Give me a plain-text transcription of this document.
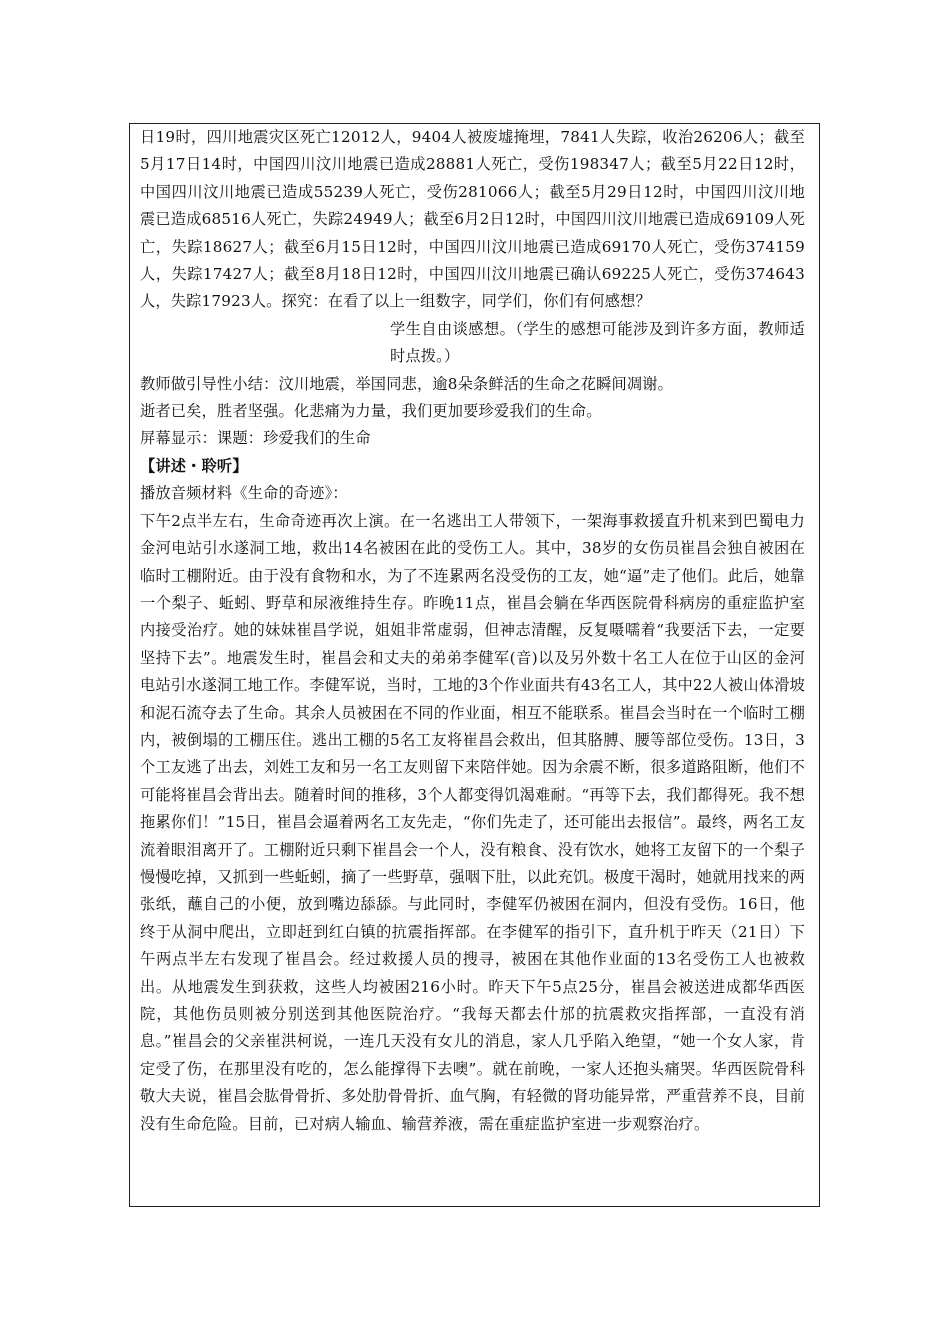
日19时，四川地震灾区死亡12012人，9404人被废墟掩埋，7841人失踪，收治26206人；截至5月17日14时，中国四川汶川地震已造成28881人死亡，受伤198347人；截至5月22日12时，中国四川汶川地震已造成55239人死亡，受伤281066人；截至5月29日12时，中国四川汶川地震已造成68516人死亡，失踪24949人；截至6月2日12时，中国四川汶川地震已造成69109人死亡，失踪18627人；截至6月15日12时，中国四川汶川地震已造成69170人死亡，受伤374159人，失踪17427人；截至8月18日12时，中国四川汶川地震已确认69225人死亡，受伤374643人，失踪17923人。探究：在看了以上一组数字，同学们，你们有何感想？

学生自由谈感想。（学生的感想可能涉及到许多方面，教师适时点拨。）

教师做引导性小结：汶川地震，举国同悲，逾8朵条鲜活的生命之花瞬间凋谢。

逝者已矣，胜者坚强。化悲痛为力量，我们更加要珍爱我们的生命。

屏幕显示：课题：珍爱我们的生命

【讲述・聆听】

播放音频材料《生命的奇迹》：

下午2点半左右，生命奇迹再次上演。在一名逃出工人带领下，一架海事救援直升机来到巴蜀电力金河电站引水遂洞工地，救出14名被困在此的受伤工人。其中，38岁的女伤员崔昌会独自被困在临时工棚附近。由于没有食物和水，为了不连累两名没受伤的工友，她“逼”走了他们。此后，她靠一个梨子、蚯蚓、野草和尿液维持生存。昨晚11点，崔昌会躺在华西医院骨科病房的重症监护室内接受治疗。她的妹妹崔昌学说，姐姐非常虚弱，但神志清醒，反复嗫嚅着“我要活下去，一定要坚持下去”。地震发生时，崔昌会和丈夫的弟弟李健军(音)以及另外数十名工人在位于山区的金河电站引水遂洞工地工作。李健军说，当时，工地的3个作业面共有43名工人，其中22人被山体滑坡和泥石流夺去了生命。其余人员被困在不同的作业面，相互不能联系。崔昌会当时在一个临时工棚内，被倒塌的工棚压住。逃出工棚的5名工友将崔昌会救出，但其胳膊、腰等部位受伤。13日，3个工友逃了出去，刘姓工友和另一名工友则留下来陪伴她。因为余震不断，很多道路阻断，他们不可能将崔昌会背出去。随着时间的推移，3个人都变得饥渴难耐。“再等下去，我们都得死。我不想拖累你们！”15日，崔昌会逼着两名工友先走，“你们先走了，还可能出去报信”。最终，两名工友流着眼泪离开了。工棚附近只剩下崔昌会一个人，没有粮食、没有饮水，她将工友留下的一个梨子慢慢吃掉，又抓到一些蚯蚓，摘了一些野草，强咽下肚，以此充饥。极度干渴时，她就用找来的两张纸，蘸自己的小便，放到嘴边舔舔。与此同时，李健军仍被困在洞内，但没有受伤。16日，他终于从洞中爬出，立即赶到红白镇的抗震指挥部。在李健军的指引下，直升机于昨天（21日）下午两点半左右发现了崔昌会。经过救援人员的搜寻，被困在其他作业面的13名受伤工人也被救出。从地震发生到获救，这些人均被困216小时。昨天下午5点25分，崔昌会被送进成都华西医院，其他伤员则被分别送到其他医院治疗。“我每天都去什邡的抗震救灾指挥部，一直没有消息。”崔昌会的父亲崔洪柯说，一连几天没有女儿的消息，家人几乎陷入绝望，“她一个女人家，肯定受了伤，在那里没有吃的，怎么能撑得下去噢”。就在前晚，一家人还抱头痛哭。华西医院骨科敬大夫说，崔昌会肱骨骨折、多处肋骨骨折、血气胸，有轻微的肾功能异常，严重营养不良，目前没有生命危险。目前，已对病人输血、输营养液，需在重症监护室进一步观察治疗。
